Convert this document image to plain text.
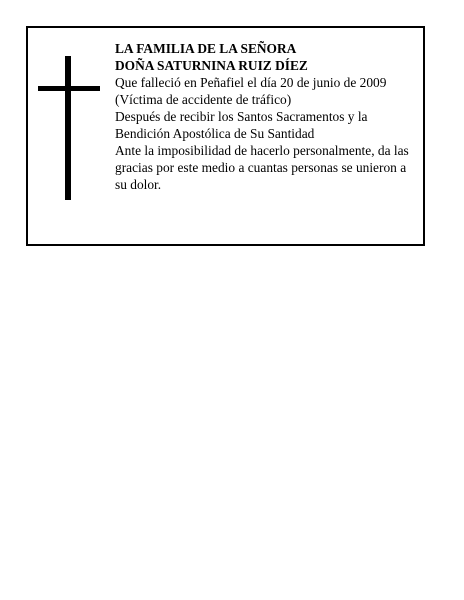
LA FAMILIA DE LA SEÑORA
DOÑA SATURNINA RUIZ DÍEZ
Que falleció en Peñafiel el día 20 de junio de 2009
(Víctima de accidente de tráfico)
Después de recibir los Santos Sacramentos y la Bendición Apostólica de Su Santidad
Ante la imposibilidad de hacerlo personalmente, da las gracias por este medio a cuantas personas se unieron a su dolor.
